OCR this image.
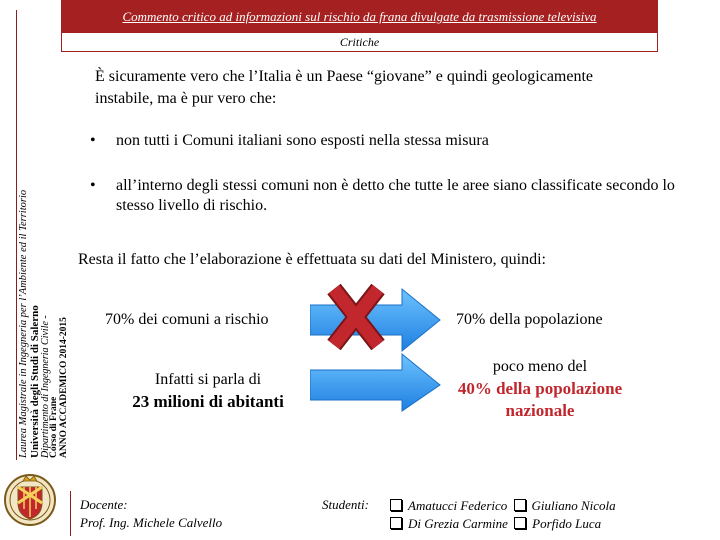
Laurea Magistrale in Ingegneria per l’Ambiente ed il Territorio Università degli Studi di Salerno Dipartimento di Ingegneria Civile -
Corso di Frane ANNO ACCADEMICO 2014-2015
Commento critico ad informazioni sul rischio da frana divulgate da trasmissione televisiva
Critiche
È sicuramente vero che l’Italia è un Paese “giovane” e quindi geologicamente instabile, ma è pur vero che:
• non tutti i Comuni italiani sono esposti nella stessa misura
• all’interno degli stessi comuni non è detto che tutte le aree siano classificate secondo lo stesso livello di rischio.
Resta il fatto che l’elaborazione è effettuata su dati del Ministero, quindi:
70% dei comuni a rischio	70% della popolazione
Infatti si parla di
23 milioni di abitanti
poco meno del
40% della popolazione
nazionale
Docente:
Prof. Ing. Michele Calvello
Studenti:	Amatucci Federico Giuliano Nicola
Di Grezia Carmine Porfido Luca
